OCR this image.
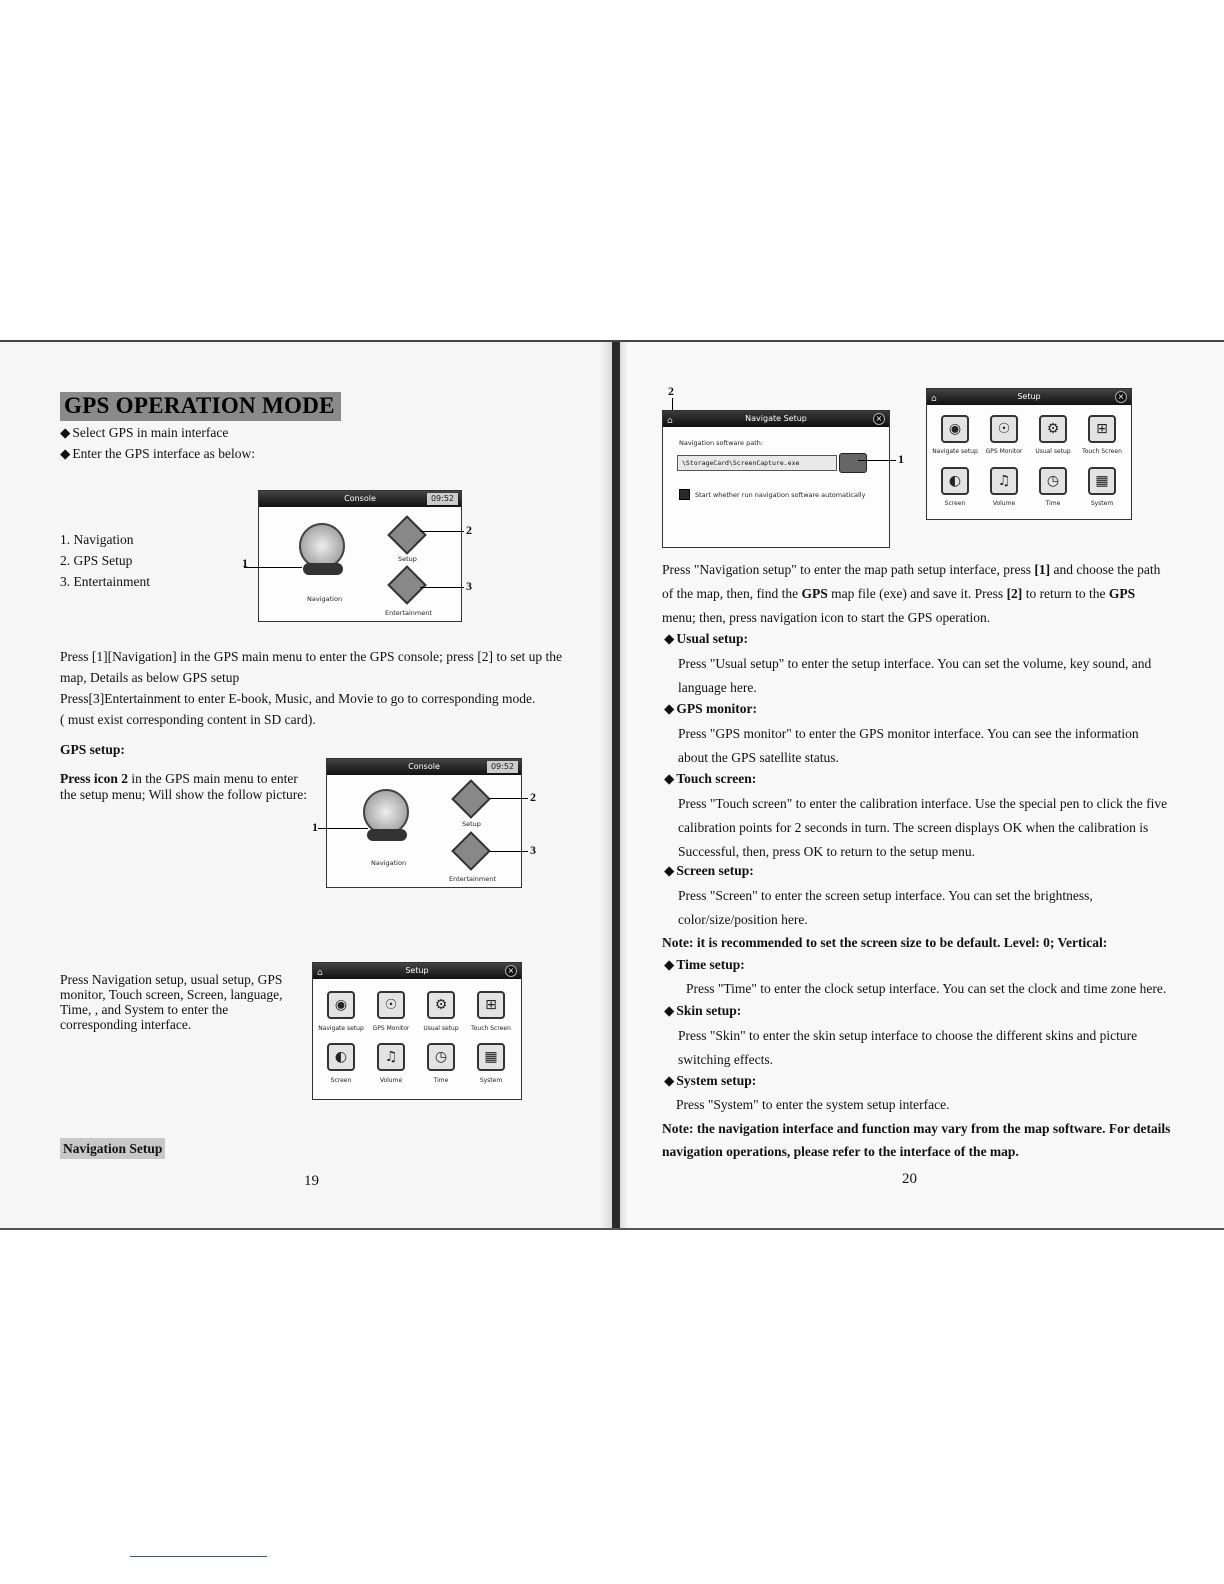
GPS OPERATION MODE
◆ Select GPS in main interface
◆ Enter the GPS interface as below:
1. Navigation
2. GPS Setup
3. Entertainment
Console	09:52
Navigation
Setup
Entertainment
1
2
3
Press [1][Navigation] in the GPS main menu to enter the GPS console; press [2] to set up the map, Details as below GPS setup
Press[3]Entertainment to enter E-book, Music, and Movie to go to corresponding mode.
( must exist corresponding content in SD card).
GPS setup:
Press icon 2 in the GPS main menu to enter the setup menu; Will show the follow picture:
Console	09:52
Navigation
Setup
Entertainment
1
2
3
Press Navigation setup, usual setup, GPS monitor, Touch screen, Screen, language, Time, , and System to enter the corresponding interface.
⌂	Setup	×
◉
Navigate setup
☉
GPS Monitor
⚙
Usual setup
⊞
Touch Screen
◐
Screen
♫
Volume
◷
Time
▦
System
Navigation Setup
19
2
⌂	Navigate Setup	×
Navigation software path:
\StorageCard\ScreenCapture.exe
Start whether run navigation software automatically
1
⌂	Setup	×
◉
Navigate setup
☉
GPS Monitor
⚙
Usual setup
⊞
Touch Screen
◐
Screen
♫
Volume
◷
Time
▦
System
Press "Navigation setup" to enter the map path setup interface, press [1] and choose the path of the map, then, find the GPS map file (exe) and save it. Press [2] to return to the GPS menu; then, press navigation icon to start the GPS operation.
◆ Usual setup:
Press "Usual setup" to enter the setup interface. You can set the volume, key sound, and language here.
◆ GPS monitor:
Press "GPS monitor" to enter the GPS monitor interface. You can see the information about the GPS satellite status.
◆ Touch screen:
Press "Touch screen" to enter the calibration interface. Use the special pen to click the five calibration points for 2 seconds in turn. The screen displays OK when the calibration is Successful, then, press OK to return to the setup menu.
◆ Screen setup:
Press "Screen" to enter the screen setup interface. You can set the brightness, color/size/position here.
Note: it is recommended to set the screen size to be default. Level: 0; Vertical:
◆ Time setup:
Press "Time" to enter the clock setup interface. You can set the clock and time zone here.
◆ Skin setup:
Press "Skin" to enter the skin setup interface to choose the different skins and picture switching effects.
◆ System setup:
Press "System" to enter the system setup interface.
Note: the navigation interface and function may vary from the map software. For details navigation operations, please refer to the interface of the map.
20
